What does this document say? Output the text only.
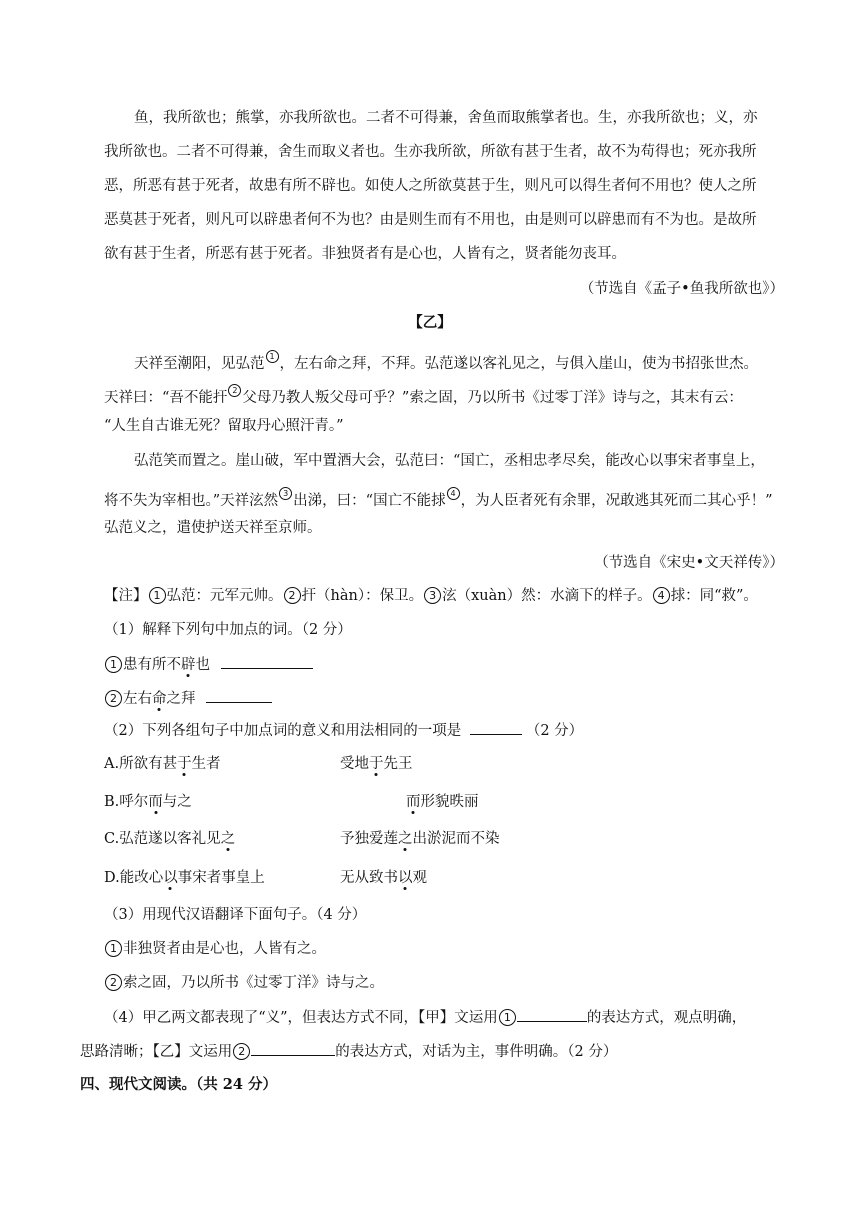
鱼，我所欲也；熊掌，亦我所欲也。二者不可得兼，舍鱼而取熊掌者也。生，亦我所欲也；义，亦
我所欲也。二者不可得兼，舍生而取义者也。生亦我所欲，所欲有甚于生者，故不为苟得也；死亦我所
恶，所恶有甚于死者，故患有所不辟也。如使人之所欲莫甚于生，则凡可以得生者何不用也？使人之所
恶莫甚于死者，则凡可以辟患者何不为也？由是则生而有不用也，由是则可以辟患而有不为也。是故所
欲有甚于生者，所恶有甚于死者。非独贤者有是心也，人皆有之，贤者能勿丧耳。
（节选自《孟子•鱼我所欲也》）
【乙】
天祥至潮阳，见弘范 $^1$ ，左右命之拜，不拜。弘范遂以客礼见之，与俱入崖山，使为书招张世杰。
天祥曰：“吾不能扞 $^2$ 父母乃教人叛父母可乎？”索之固，乃以所书《过零丁洋》诗与之，其末有云：
“人生自古谁无死？留取丹心照汗青。”
弘范笑而置之。崖山破，军中置酒大会，弘范曰：“国亡，丞相忠孝尽矣，能改心以事宋者事皇上，
将不失为宰相也。”天祥泫然 $^3$ 出涕，曰：“国亡不能捄 $^4$ ，为人臣者死有余罪，况敢逃其死而二其心乎！”
弘范义之，遣使护送天祥至京师。
（节选自《宋史•文天祥传》）
【注】 1 弘范：元军元帅。 2 扞（hàn）：保卫。 3 泫（xuàn）然：水滴下的样子。 4 捄：同“救”。
（1）解释下列句中加点的词。（2 分）
1 患有所不辟也
2 左右命之拜
（2）下列各组句子中加点词的意义和用法相同的一项是	（2 分）
A.所欲有甚于生者	受地于先王
B.呼尔而与之	而形貌昳丽
C.弘范遂以客礼见之	予独爱莲之出淤泥而不染
D.能改心以事宋者事皇上	无从致书以观
（3）用现代汉语翻译下面句子。（4 分）
1 非独贤者由是心也，人皆有之。
2 索之固，乃以所书《过零丁洋》诗与之。
（4）甲乙两文都表现了“义”，但表达方式不同，【甲】文运用 1	的表达方式，观点明确，
思路清晰；【乙】文运用 2	的表达方式，对话为主，事件明确。（2 分）
四、现代文阅读。（共 24 分）
